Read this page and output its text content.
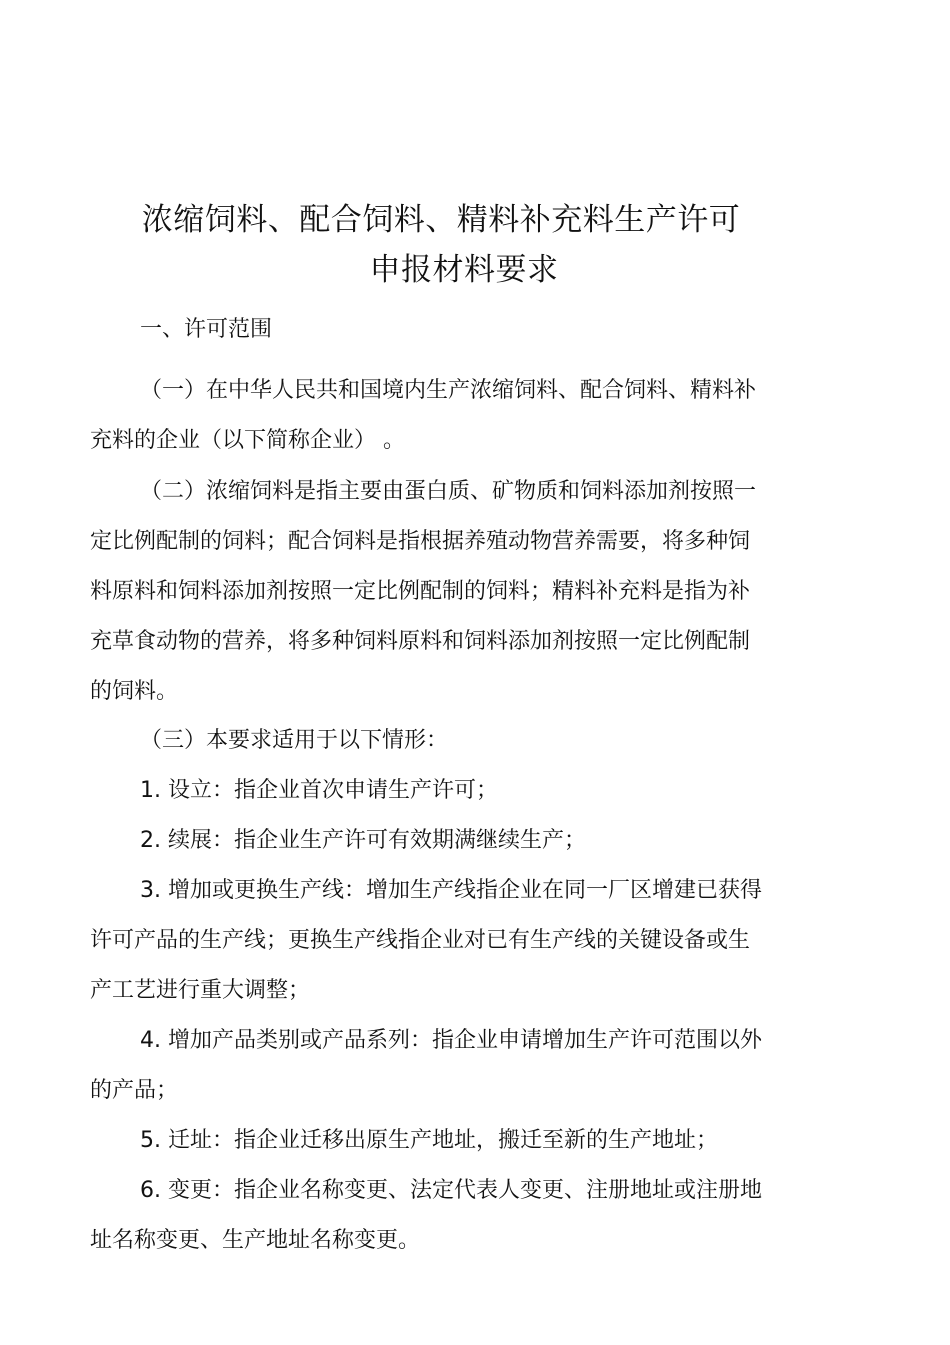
浓缩饲料、配合饲料、精料补充料生产许可
申报材料要求
一、许可范围
（一）在中华人民共和国境内生产浓缩饲料、配合饲料、精料补
充料的企业（以下简称企业） 。
（二）浓缩饲料是指主要由蛋白质、矿物质和饲料添加剂按照一
定比例配制的饲料；配合饲料是指根据养殖动物营养需要，将多种饲
料原料和饲料添加剂按照一定比例配制的饲料；精料补充料是指为补
充草食动物的营养，将多种饲料原料和饲料添加剂按照一定比例配制
的饲料。
（三）本要求适用于以下情形：
1. 设立：指企业首次申请生产许可；
2. 续展：指企业生产许可有效期满继续生产；
3. 增加或更换生产线：增加生产线指企业在同一厂区增建已获得
许可产品的生产线；更换生产线指企业对已有生产线的关键设备或生
产工艺进行重大调整；
4. 增加产品类别或产品系列：指企业申请增加生产许可范围以外
的产品；
5. 迁址：指企业迁移出原生产地址，搬迁至新的生产地址；
6. 变更：指企业名称变更、法定代表人变更、注册地址或注册地
址名称变更、生产地址名称变更。
